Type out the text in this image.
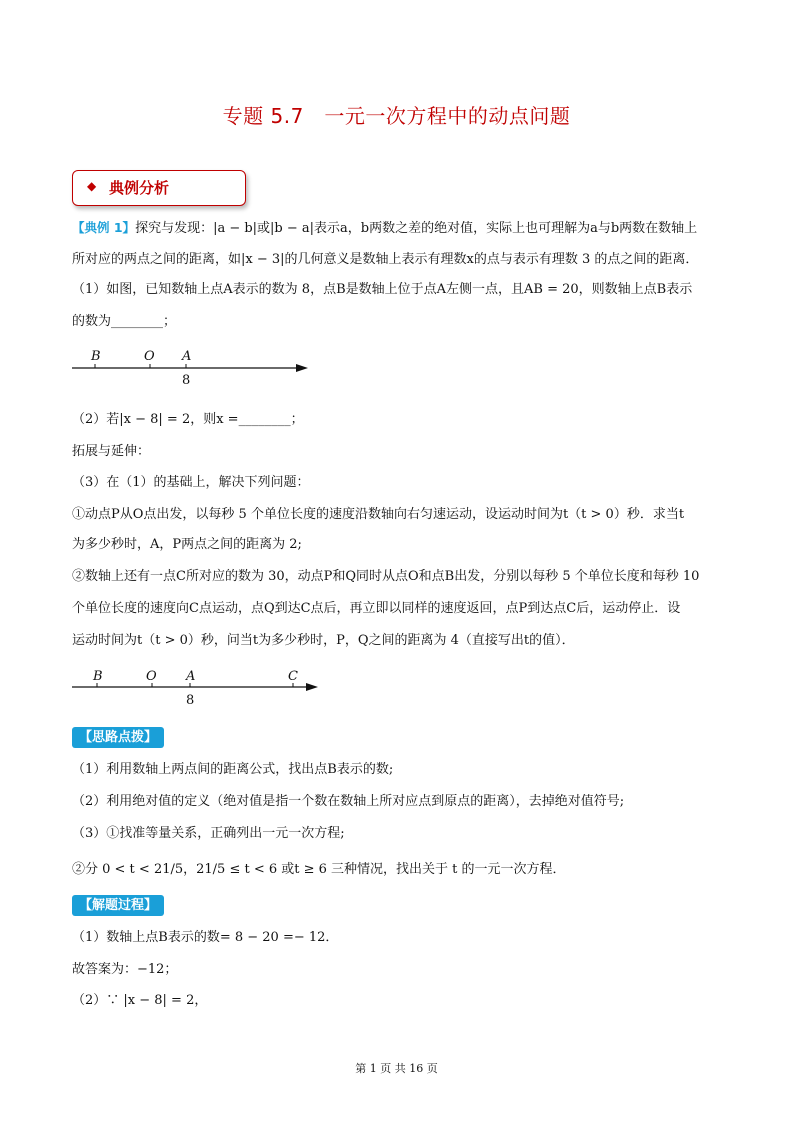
专题 5.7　一元一次方程中的动点问题
◆ 典例分析
【典例 1】探究与发现：|a − b|或|b − a|表示a，b两数之差的绝对值，实际上也可理解为a与b两数在数轴上
所对应的两点之间的距离，如|x − 3|的几何意义是数轴上表示有理数x的点与表示有理数 3 的点之间的距离．
（1）如图，已知数轴上点A表示的数为 8，点B是数轴上位于点A左侧一点，且AB = 20，则数轴上点B表示
的数为________；
B	O A
8
（2）若|x − 8| = 2，则x =________；
拓展与延伸：
（3）在（1）的基础上，解决下列问题：
①动点P从O点出发，以每秒 5 个单位长度的速度沿数轴向右匀速运动，设运动时间为t（t > 0）秒．求当t
为多少秒时，A，P两点之间的距离为 2;
②数轴上还有一点C所对应的数为 30，动点P和Q同时从点O和点B出发，分别以每秒 5 个单位长度和每秒 10
个单位长度的速度向C点运动，点Q到达C点后，再立即以同样的速度返回，点P到达点C后，运动停止．设
运动时间为t（t > 0）秒，问当t为多少秒时，P，Q之间的距离为 4（直接写出t的值）．
B	O A	C
8
【思路点拨】
（1）利用数轴上两点间的距离公式，找出点B表示的数;
（2）利用绝对值的定义（绝对值是指一个数在数轴上所对应点到原点的距离），去掉绝对值符号;
（3）①找准等量关系，正确列出一元一次方程;
②分 0 < t < 21/5，21/5 ≤ t < 6 或t ≥ 6 三种情况，找出关于 t 的一元一次方程．
【解题过程】
（1）数轴上点B表示的数= 8 − 20 =− 12．
故答案为：−12；
（2）∵ |x − 8| = 2，
第 1 页 共 16 页
